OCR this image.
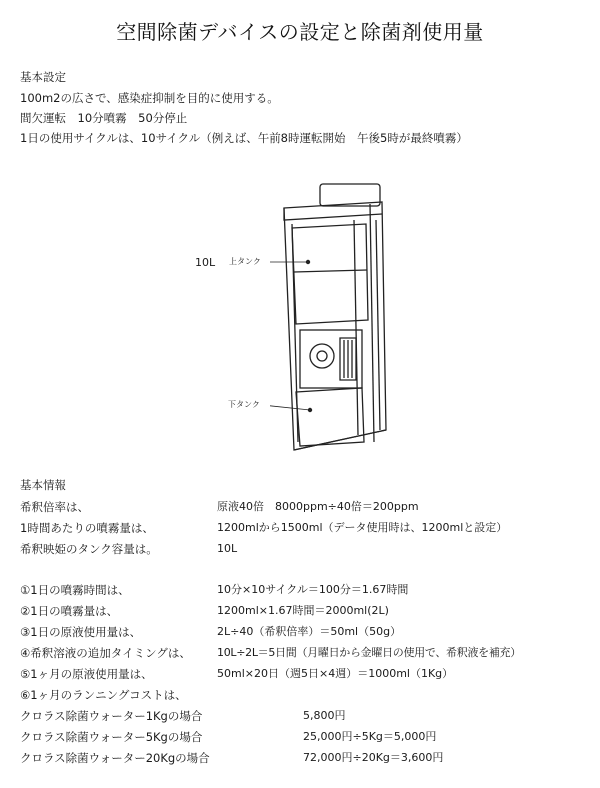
空間除菌デバイスの設定と除菌剤使用量
基本設定
100m2の広さで、感染症抑制を目的に使用する。
間欠運転　10分噴霧　50分停止
1日の使用サイクルは、10サイクル（例えば、午前8時運転開始　午後5時が最終噴霧）
10L 上タンク
下タンク
基本情報
希釈倍率は、	原液40倍　8000ppm÷40倍＝200ppm
1時間あたりの噴霧量は、	1200mlから1500ml（データ使用時は、1200mlと設定）
希釈映姫のタンク容量は。	10L
①1日の噴霧時間は、	10分×10サイクル＝100分＝1.67時間
②1日の噴霧量は、	1200ml×1.67時間＝2000ml(2L)
③1日の原液使用量は、	2L÷40（希釈倍率）＝50ml（50g）
④希釈溶液の追加タイミングは、 10L÷2L＝5日間（月曜日から金曜日の使用で、希釈液を補充）
⑤1ヶ月の原液使用量は、	50ml×20日（週5日×4週）＝1000ml（1Kg）
⑥1ヶ月のランニングコストは、
クロラス除菌ウォーター1Kgの場合	5,800円
クロラス除菌ウォーター5Kgの場合	25,000円÷5Kg＝5,000円
クロラス除菌ウォーター20Kgの場合	72,000円÷20Kg＝3,600円
